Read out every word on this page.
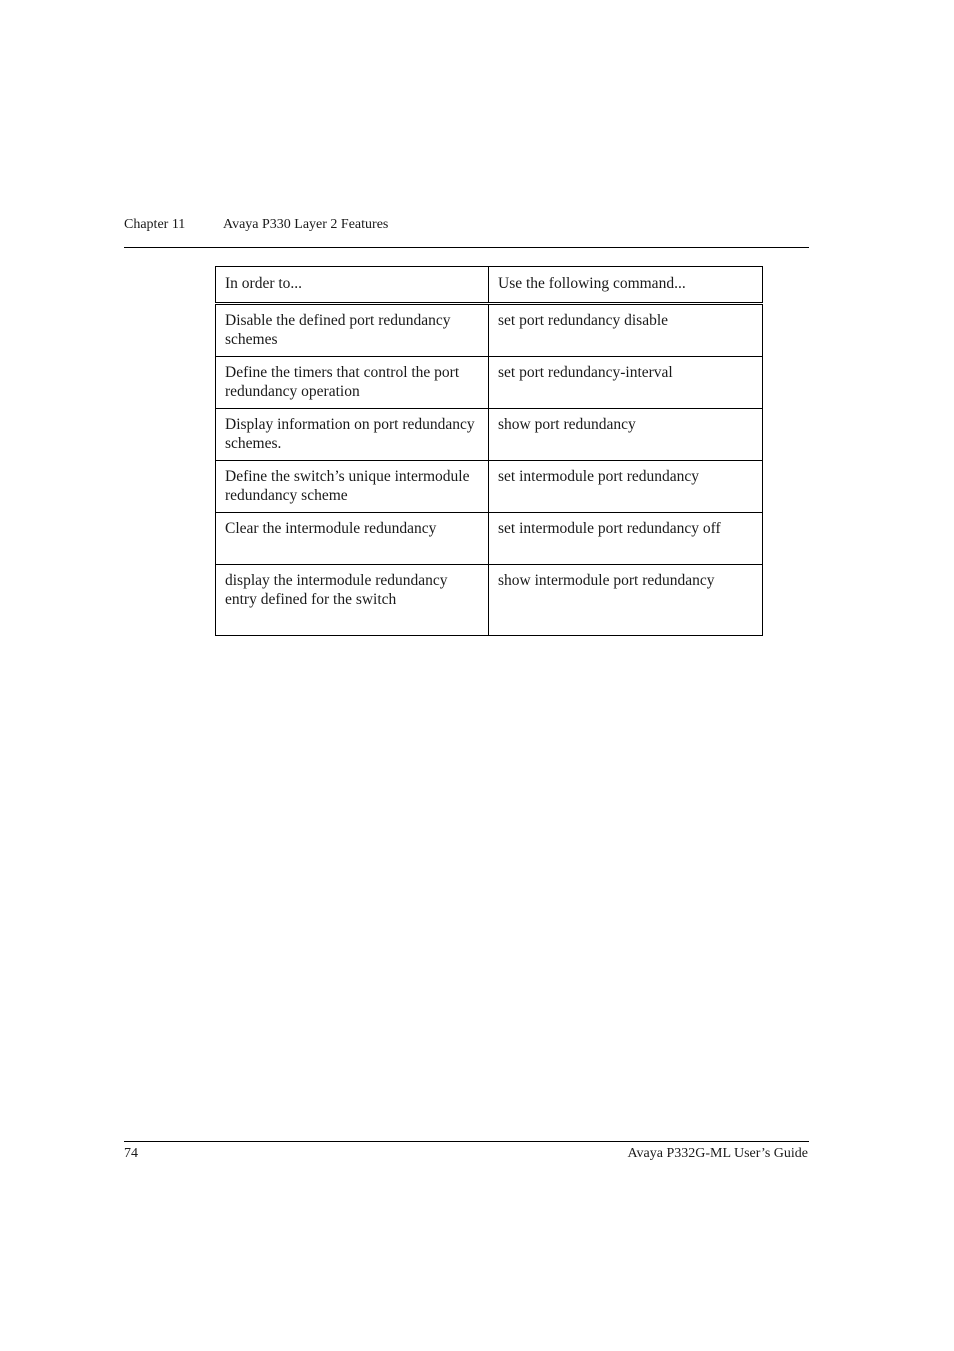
Chapter 11	Avaya P330 Layer 2 Features
In order to...	Use the following command...
Disable the defined port redundancy schemes	set port redundancy disable
Define the timers that control the port redundancy operation	set port redundancy-interval
Display information on port redundancy schemes.	show port redundancy
Define the switch’s unique intermodule redundancy scheme	set intermodule port redundancy
Clear the intermodule redundancy	set intermodule port redundancy off
display the intermodule redundancy entry defined for the switch	show intermodule port redundancy
74	Avaya P332G-ML User’s Guide
